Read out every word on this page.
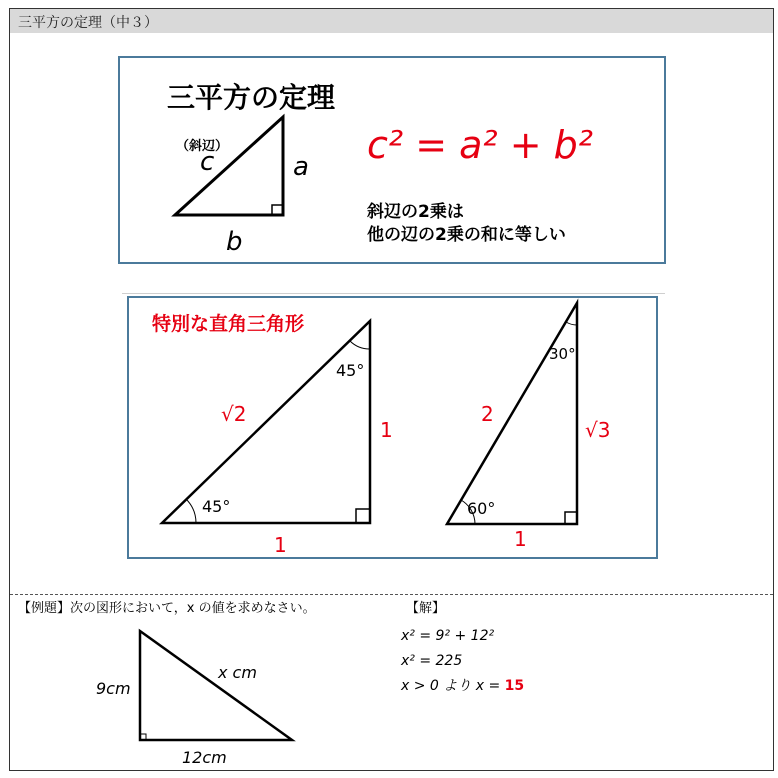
三平方の定理（中３）
三平方の定理
（斜辺）
c	a
b
c² = a² + b²
斜辺の2乗は
他の辺の2乗の和に等しい
特別な直角三角形
45°
45°
√2
1
1
30°
60°
2
√3
1
【例題】次の図形において，x の値を求めなさい。
9cm
x cm
12cm
【解】
x² = 9² + 12²
x² = 225
x > 0 より x = 15
